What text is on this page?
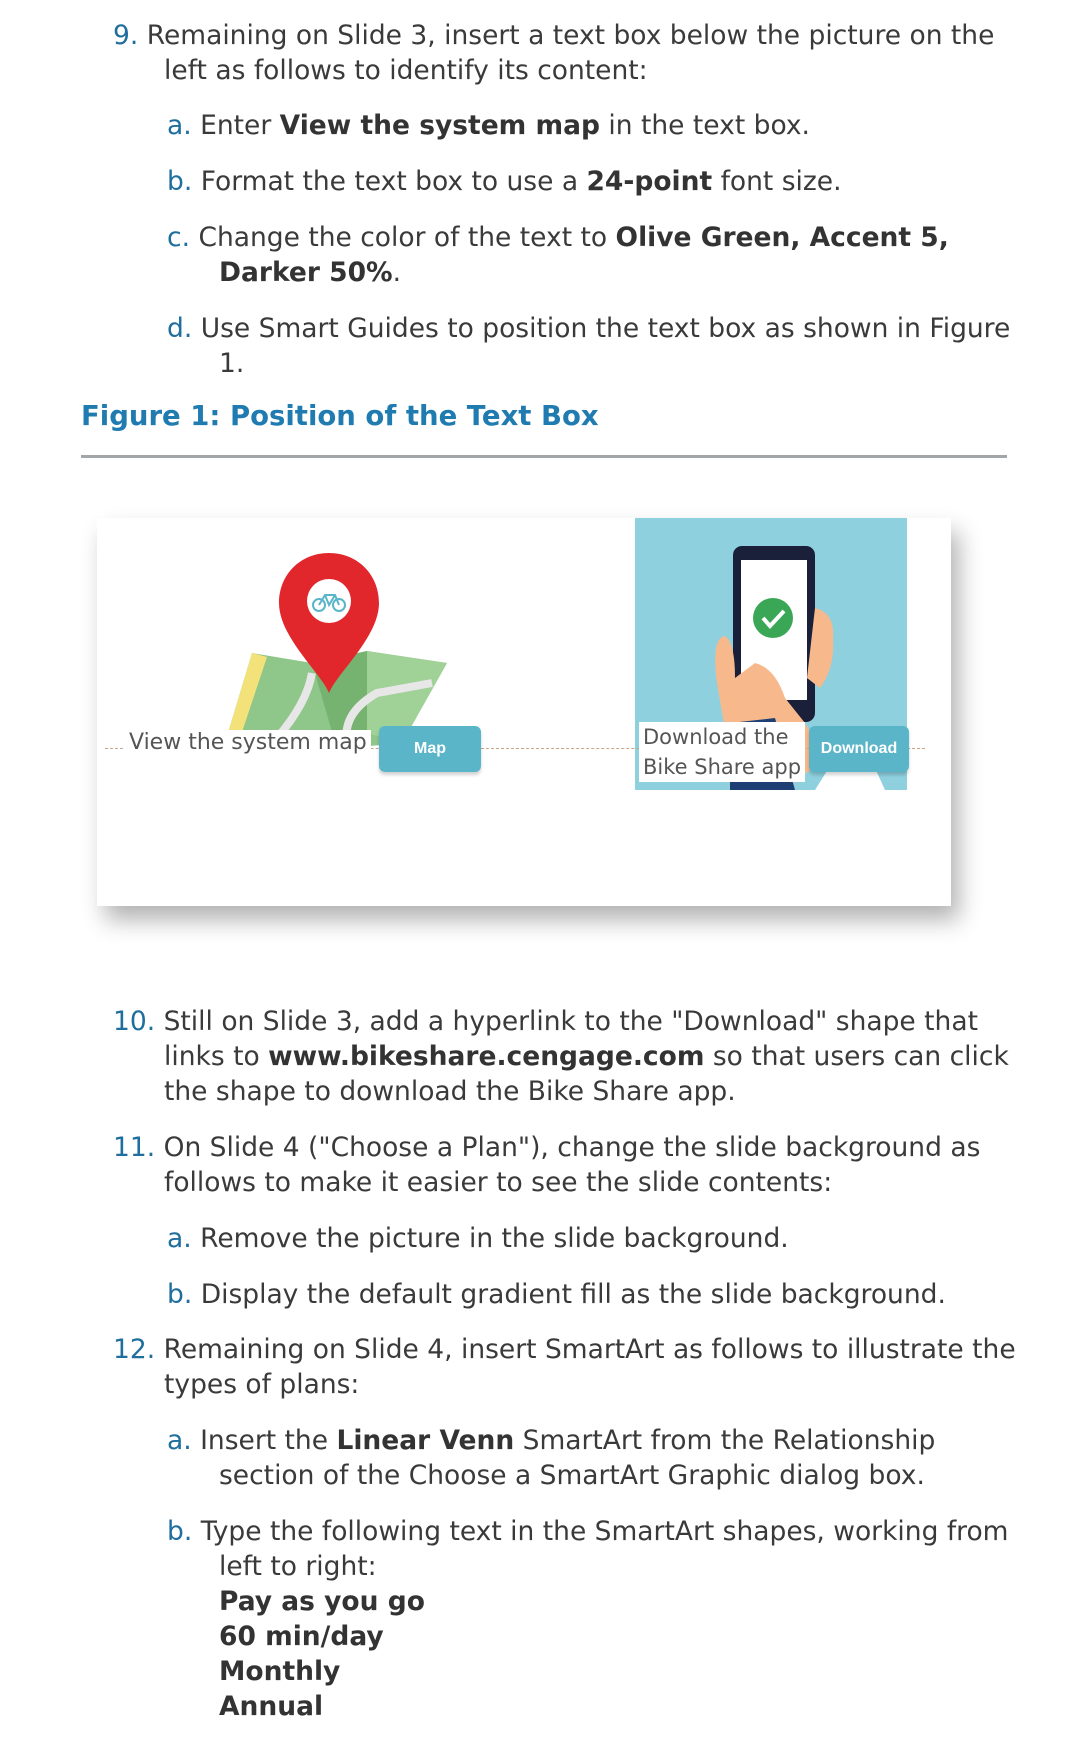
9. Remaining on Slide 3, insert a text box below the picture on the
left as follows to identify its content:
a. Enter View the system map in the text box.
b. Format the text box to use a 24-point font size.
c. Change the color of the text to Olive Green, Accent 5,
Darker 50%.
d. Use Smart Guides to position the text box as shown in Figure
1.
Figure 1: Position of the Text Box
View the system map	Map	Download the
Bike Share app
Download
10. Still on Slide 3, add a hyperlink to the "Download" shape that
links to www.bikeshare.cengage.com so that users can click
the shape to download the Bike Share app.
11. On Slide 4 ("Choose a Plan"), change the slide background as
follows to make it easier to see the slide contents:
a. Remove the picture in the slide background.
b. Display the default gradient fill as the slide background.
12. Remaining on Slide 4, insert SmartArt as follows to illustrate the
types of plans:
a. Insert the Linear Venn SmartArt from the Relationship
section of the Choose a SmartArt Graphic dialog box.
b. Type the following text in the SmartArt shapes, working from
left to right:
Pay as you go
60 min/day
Monthly
Annual
